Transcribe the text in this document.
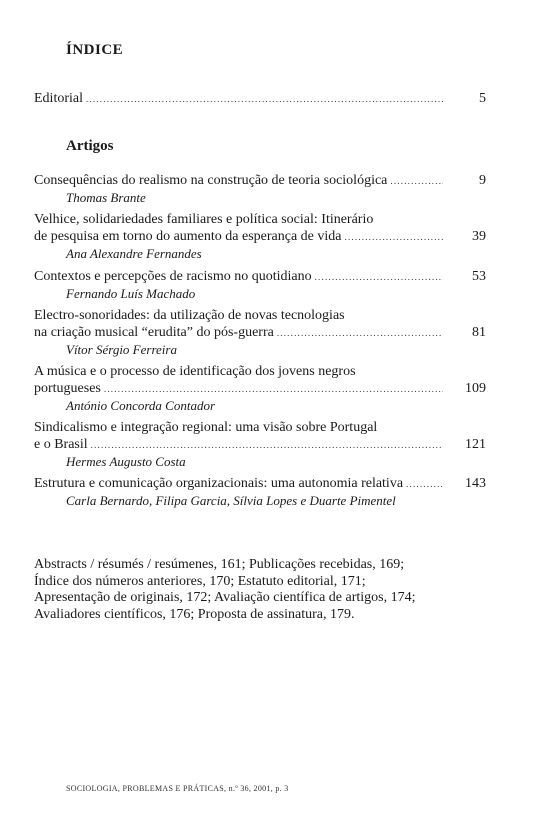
ÍNDICE
Editorial
.....	5
Artigos
Consequências do realismo na construção de teoria sociológica
.....
Thomas Brante
9
Velhice, solidariedades familiares e política social: Itinerário
de pesquisa em torno do aumento da esperança de vida
.....
Ana Alexandre Fernandes
39
Contextos e percepções de racismo no quotidiano
.....
Fernando Luís Machado
53
Electro-sonoridades: da utilização de novas tecnologias
na criação musical “erudita” do pós-guerra
.....
Vítor Sérgio Ferreira
81
A música e o processo de identificação dos jovens negros
portugueses
.....
António Concorda Contador
109
Sindicalismo e integração regional: uma visão sobre Portugal
e o Brasil
.....
Hermes Augusto Costa
121
Estrutura e comunicação organizacionais: uma autonomia relativa
.....
Carla Bernardo, Filipa Garcia, Sílvia Lopes e Duarte Pimentel
143
Abstracts / résumés / resúmenes, 161; Publicações recebidas, 169;
Índice dos números anteriores, 170; Estatuto editorial, 171;
Apresentação de originais, 172; Avaliação científica de artigos, 174;
Avaliadores científicos, 176; Proposta de assinatura, 179.
SOCIOLOGIA, PROBLEMAS E PRÁTICAS, n.º 36, 2001, p. 3
